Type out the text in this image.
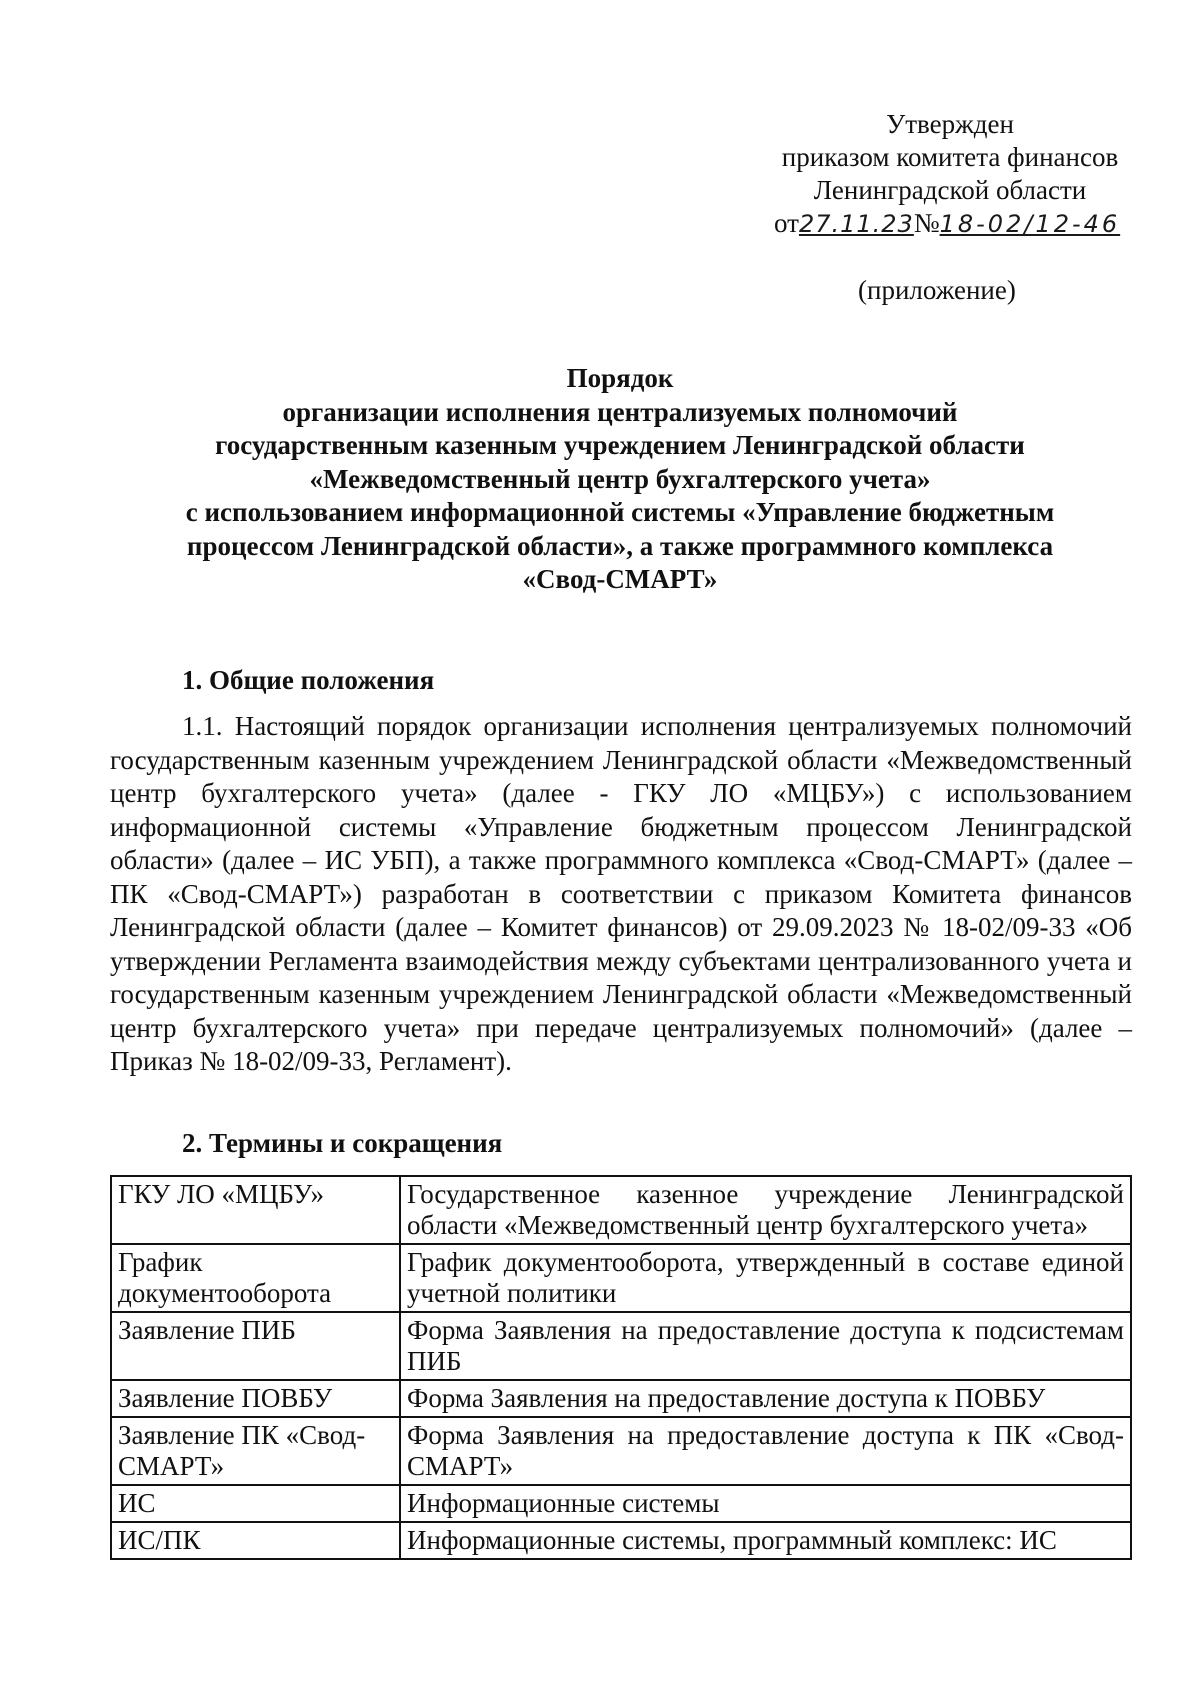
Утвержден
приказом комитета финансов
Ленинградской области
от27.11.23№18-02/12-46
(приложение)
Порядок
организации исполнения централизуемых полномочий
государственным казенным учреждением Ленинградской области
«Межведомственный центр бухгалтерского учета»
с использованием информационной системы «Управление бюджетным
процессом Ленинградской области», а также программного комплекса
«Свод-СМАРТ»
1. Общие положения
1.1. Настоящий порядок организации исполнения централизуемых полномочий государственным казенным учреждением Ленинградской области «Межведомственный центр бухгалтерского учета» (далее - ГКУ ЛО «МЦБУ») с использованием информационной системы «Управление бюджетным процессом Ленинградской области» (далее – ИС УБП), а также программного комплекса «Свод-СМАРТ» (далее – ПК «Свод-СМАРТ») разработан в соответствии с приказом Комитета финансов Ленинградской области (далее – Комитет финансов) от 29.09.2023 № 18-02/09-33 «Об утверждении Регламента взаимодействия между субъектами централизованного учета и государственным казенным учреждением Ленинградской области «Межведомственный центр бухгалтерского учета» при передаче централизуемых полномочий» (далее – Приказ № 18-02/09-33, Регламент).
2. Термины и сокращения
ГКУ ЛО «МЦБУ»	Государственное казенное учреждение Ленинградской области «Межведомственный центр бухгалтерского учета»
График документооборота	График документооборота, утвержденный в составе единой учетной политики
Заявление ПИБ	Форма Заявления на предоставление доступа к подсистемам ПИБ
Заявление ПОВБУ	Форма Заявления на предоставление доступа к ПОВБУ
Заявление ПК «Свод-СМАРТ»	Форма Заявления на предоставление доступа к ПК «Свод-СМАРТ»
ИС	Информационные системы
ИС/ПК	Информационные системы, программный комплекс: ИС
